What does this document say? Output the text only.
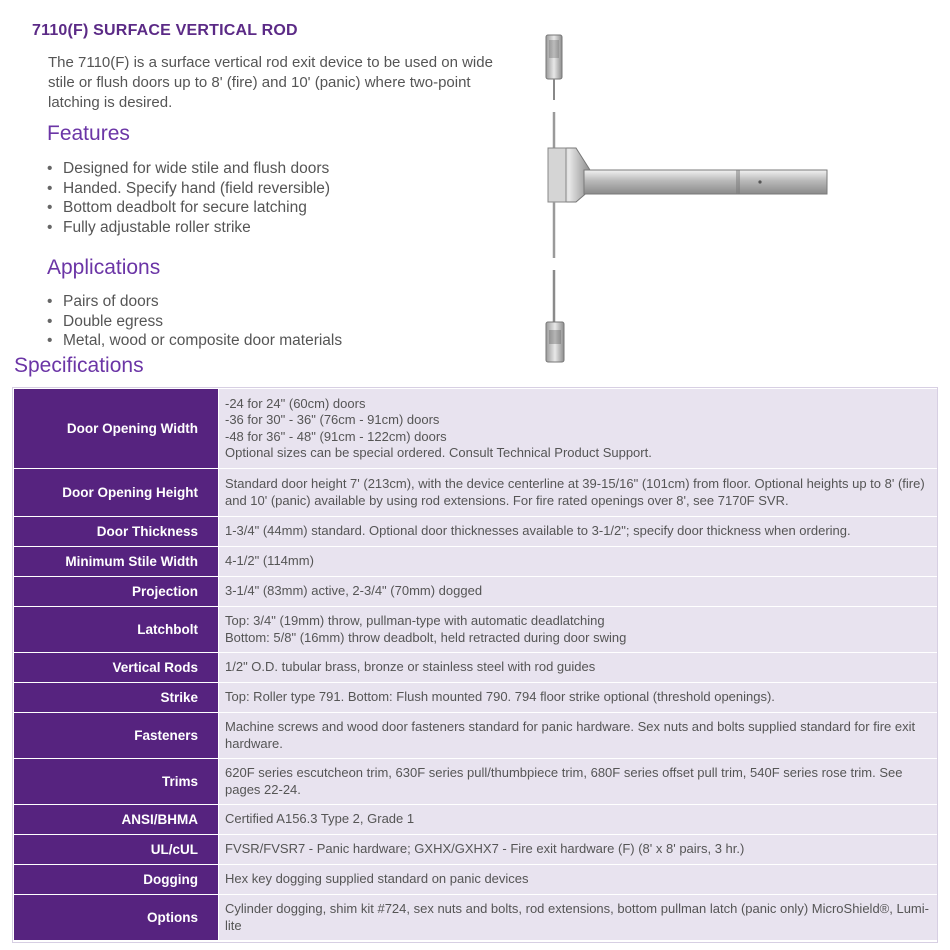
7110(F) SURFACE VERTICAL ROD
The 7110(F) is a surface vertical rod exit device to be used on wide stile or flush doors up to 8' (fire) and 10' (panic) where two-point latching is desired.
Features
• Designed for wide stile and flush doors
• Handed. Specify hand (field reversible)
• Bottom deadbolt for secure latching
• Fully adjustable roller strike
Applications
• Pairs of doors
• Double egress
• Metal, wood or composite door materials
Specifications
Door Opening Width	-24 for 24" (60cm) doors
-36 for 30" - 36" (76cm - 91cm) doors
-48 for 36" - 48" (91cm - 122cm) doors
Optional sizes can be special ordered. Consult Technical Product Support.

Door Opening Height	Standard door height 7' (213cm), with the device centerline at 39-15/16" (101cm) from floor. Optional heights up to 8' (fire) and 10' (panic) available by using rod extensions. For fire rated openings over 8', see 7170F SVR.
Door Thickness	1-3/4" (44mm) standard. Optional door thicknesses available to 3-1/2"; specify door thickness when ordering.
Minimum Stile Width	4-1/2" (114mm)
Projection	3-1/4" (83mm) active, 2-3/4" (70mm) dogged
Latchbolt	Top: 3/4" (19mm) throw, pullman-type with automatic deadlatching
Bottom: 5/8" (16mm) throw deadbolt, held retracted during door swing

Vertical Rods	1/2" O.D. tubular brass, bronze or stainless steel with rod guides
Strike	Top: Roller type 791. Bottom: Flush mounted 790. 794 floor strike optional (threshold openings).
Fasteners	Machine screws and wood door fasteners standard for panic hardware. Sex nuts and bolts supplied standard for fire exit hardware.
Trims	620F series escutcheon trim, 630F series pull/thumbpiece trim, 680F series offset pull trim, 540F series rose trim. See pages 22-24.
ANSI/BHMA	Certified A156.3 Type 2, Grade 1
UL/cUL	FVSR/FVSR7 - Panic hardware; GXHX/GXHX7 - Fire exit hardware (F) (8' x 8' pairs, 3 hr.)
Dogging	Hex key dogging supplied standard on panic devices
Options	Cylinder dogging, shim kit #724, sex nuts and bolts, rod extensions, bottom pullman latch (panic only) MicroShield®, Lumi-lite
